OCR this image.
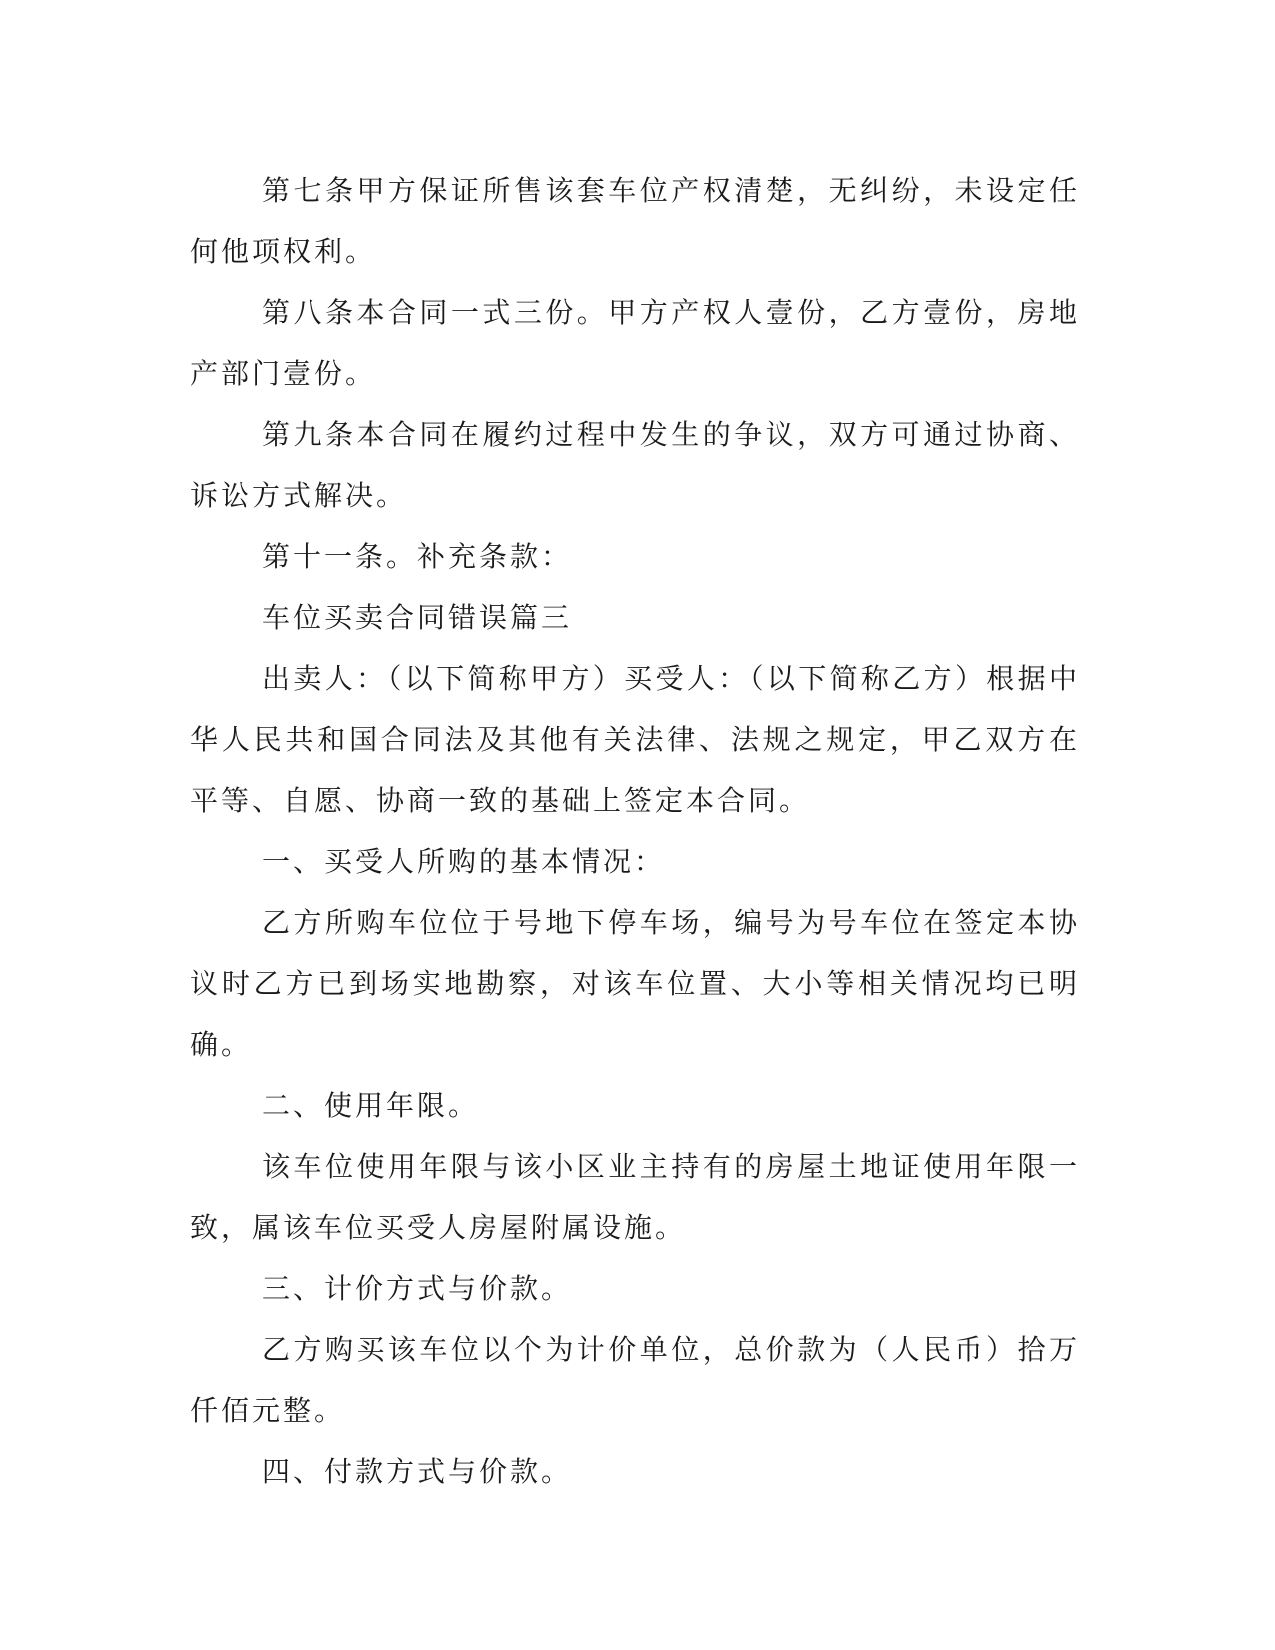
第七条甲方保证所售该套车位产权清楚，无纠纷，未设定任何他项权利。

第八条本合同一式三份。甲方产权人壹份，乙方壹份，房地产部门壹份。

第九条本合同在履约过程中发生的争议，双方可通过协商、诉讼方式解决。

第十一条。补充条款：

车位买卖合同错误篇三

出卖人：（以下简称甲方）买受人：（以下简称乙方）根据中华人民共和国合同法及其他有关法律、法规之规定，甲乙双方在平等、自愿、协商一致的基础上签定本合同。

一、买受人所购的基本情况：

乙方所购车位位于号地下停车场，编号为号车位在签定本协议时乙方已到场实地勘察，对该车位置、大小等相关情况均已明确。

二、使用年限。

该车位使用年限与该小区业主持有的房屋土地证使用年限一致，属该车位买受人房屋附属设施。

三、计价方式与价款。

乙方购买该车位以个为计价单位，总价款为（人民币）拾万仟佰元整。

四、付款方式与价款。
